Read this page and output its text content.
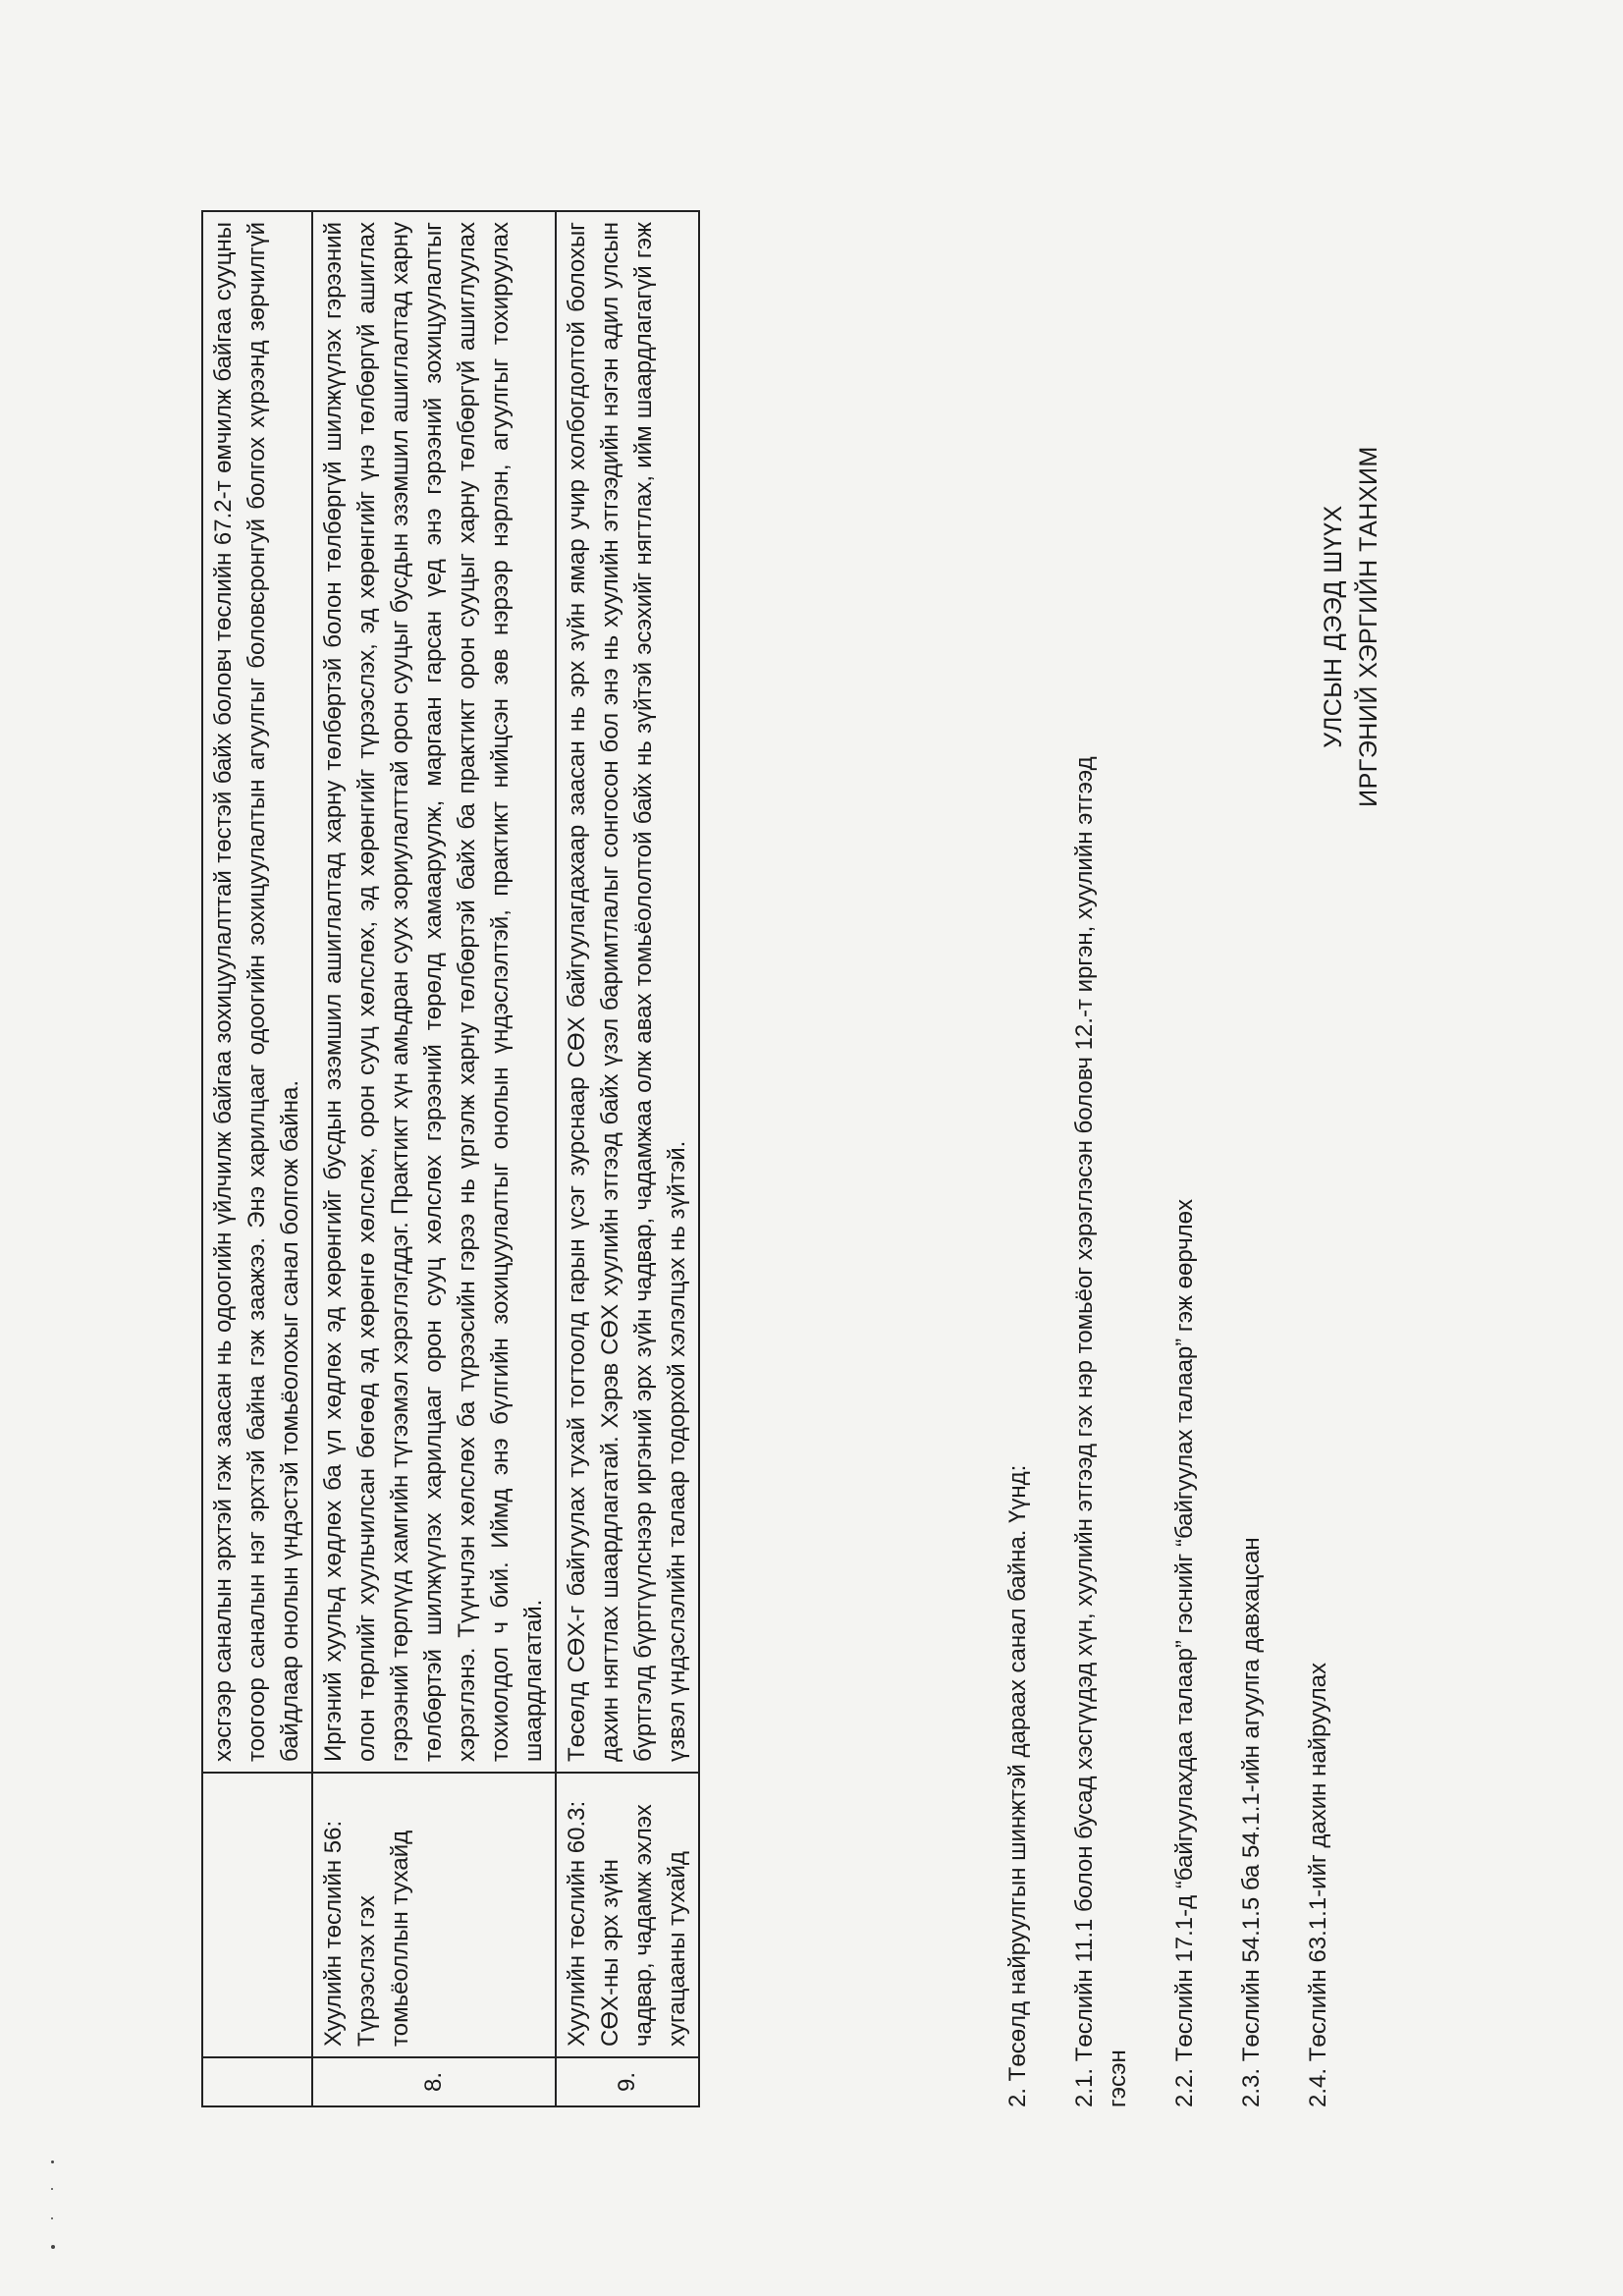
		хэсгээр саналын эрхтэй гэж заасан нь одоогийн үйлчилж байгаа зохицуулалттай төстэй байх боловч төслийн 67.2-т өмчилж байгаа сууцны тоогоор саналын нэг эрхтэй байна гэж заажээ. Энэ харилцааг одоогийн зохицуулалтын агуулгыг боловсронгуй болгох хүрээнд зөрчилгүй байдлаар онолын үндэстэй томьёолохыг санал болгож байна.
8.	Хуулийн төслийн 56: Түрээслэх гэх томьёоллын тухайд	Иргэний хуульд хөдлөх ба үл хөдлөх эд хөрөнгийг бусдын эзэмшил ашиглалтад харну төлбөртэй болон төлбөргүй шилжүүлэх гэрээний олон төрлийг хуульчилсан бөгөөд эд хөрөнгө хөлслөх, орон сууц хөлслөх, эд хөрөнгийг түрээслэх, эд хөрөнгийг үнэ төлбөргүй ашиглах гэрээний төрлүүд хамгийн түгээмэл хэрэглэгддэг. Практикт хүн амьдран суух зориулалттай орон сууцыг бусдын эзэмшил ашиглалтад харну төлбөртэй шилжүүлэх харилцааг орон сууц хөлслөх гэрээний төрөлд хамааруулж, маргаан гарсан үед энэ гэрээний зохицуулалтыг хэрэглэнэ. Түүнчлэн хөлслөх ба түрээсийн гэрээ нь үргэлж харну төлбөртэй байх ба практикт орон сууцыг харну төлбөргүй ашиглуулах тохиолдол ч бий. Иймд энэ бүлгийн зохицуулалтыг онолын үндэслэлтэй, практикт нийцсэн зөв нэрээр нэрлэн, агуулгыг тохируулах шаардлагатай.
9.	Хуулийн төслийн 60.3: СӨХ-ны эрх зүйн чадвар, чадамж эхлэх хугацааны тухайд	Төсөлд СӨХ-г байгуулах тухай тогтоолд гарын үсэг зурснаар СӨХ байгуулагдахаар заасан нь эрх зүйн ямар учир холбогдолтой болохыг дахин нягтлах шаардлагатай. Хэрэв СӨХ хуулийн этгээд байх үзэл баримтлалыг сонгосон бол энэ нь хуулийн этгээдийн нэгэн адил улсын бүртгэлд бүртгүүлснээр иргэний эрх зүйн чадвар, чадамжаа олж авах томьёололтой байх нь зүйтэй эсэхийг нягтлах, ийм шаардлагагүй гэж үзвэл үндэслэлийн талаар тодорхой хэлэлцэх нь зүйтэй.
2. Төсөлд найруулгын шинжтэй дараах санал байна. Үүнд: 2.1. Төслийн 11.1 болон бусад хэсгүүдэд хүн, хуулийн этгээд гэх нэр томьёог хэрэглэсэн боловч 12.-т иргэн, хуулийн этгээд гэсэн 2.2. Төслийн 17.1-д “байгуулахдаа талаар” гэснийг “байгуулах талаар” гэж өөрчлөх 2.3. Төслийн 54.1.5 ба 54.1.1-ийн агуулга давхацсан 2.4. Төслийн 63.1.1-ийг дахин найруулах
УЛСЫН ДЭЭД ШҮҮХ ИРГЭНИЙ ХЭРГИЙН ТАНХИМ
